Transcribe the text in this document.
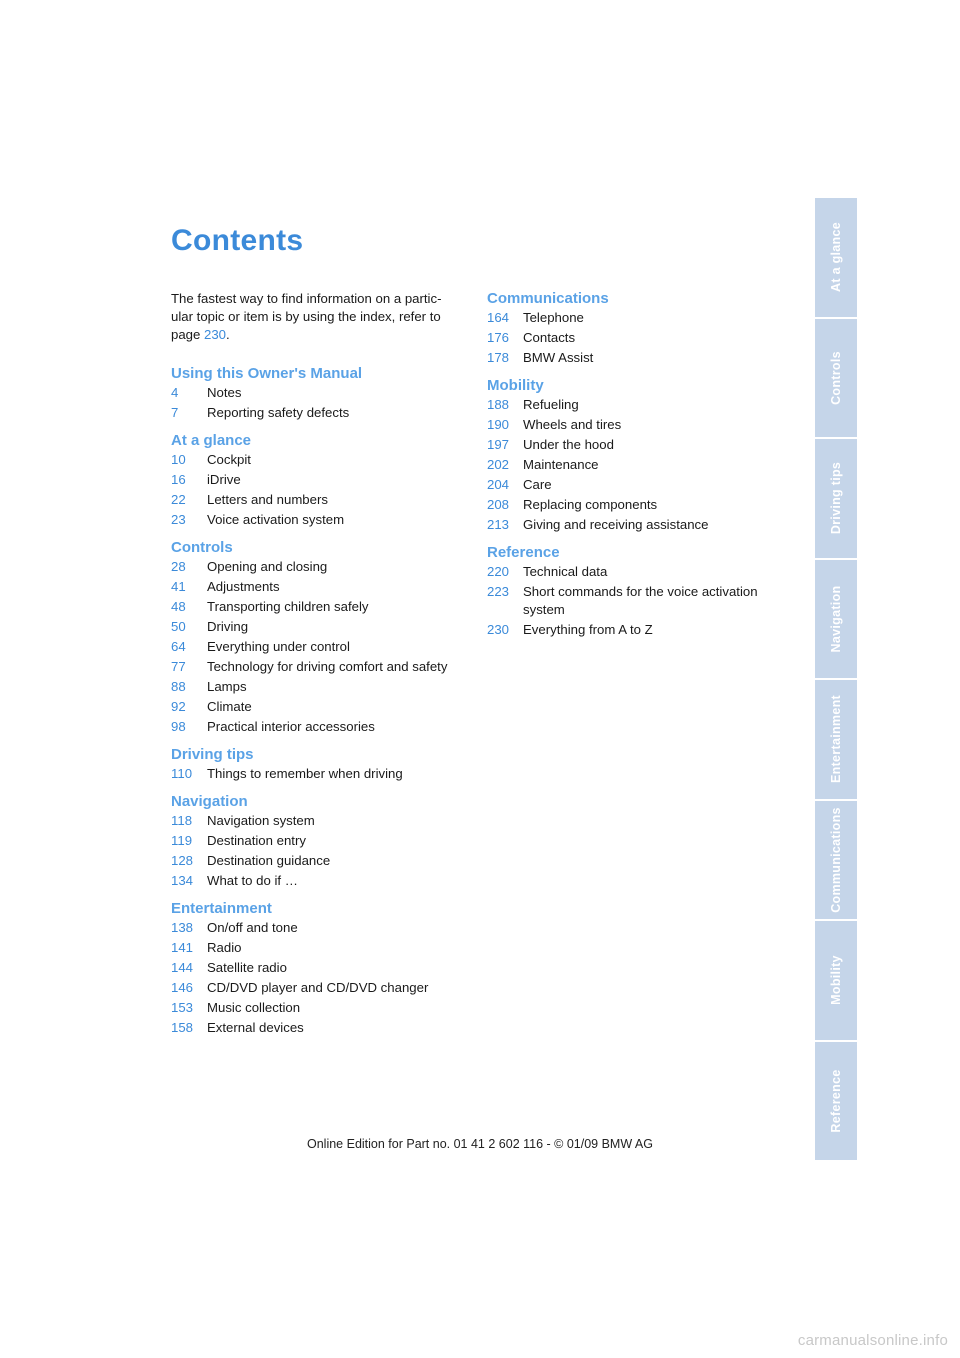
Contents

The fastest way to find information on a partic-ular topic or item is by using the index, refer to page 230.

Using this Owner's Manual
4	Notes
7	Reporting safety defects
At a glance
10	Cockpit
16	iDrive
22	Letters and numbers
23	Voice activation system
Controls
28	Opening and closing
41	Adjustments
48	Transporting children safely
50	Driving
64	Everything under control
77	Technology for driving comfort and safety
88	Lamps
92	Climate
98	Practical interior accessories
Driving tips
110	Things to remember when driving
Navigation
118	Navigation system
119	Destination entry
128	Destination guidance
134	What to do if …
Entertainment
138	On/off and tone
141	Radio
144	Satellite radio
146	CD/DVD player and CD/DVD changer
153	Music collection
158	External devices
Communications
164	Telephone
176	Contacts
178	BMW Assist
Mobility
188	Refueling
190	Wheels and tires
197	Under the hood
202	Maintenance
204	Care
208	Replacing components
213	Giving and receiving assistance
Reference
220	Technical data
223	Short commands for the voice activation system
230	Everything from A to Z
At a glance
Controls
Driving tips
Navigation
Entertainment
Communications
Mobility
Reference
Online Edition for Part no. 01 41 2 602 116 - © 01/09 BMW AG
carmanualsonline.info
